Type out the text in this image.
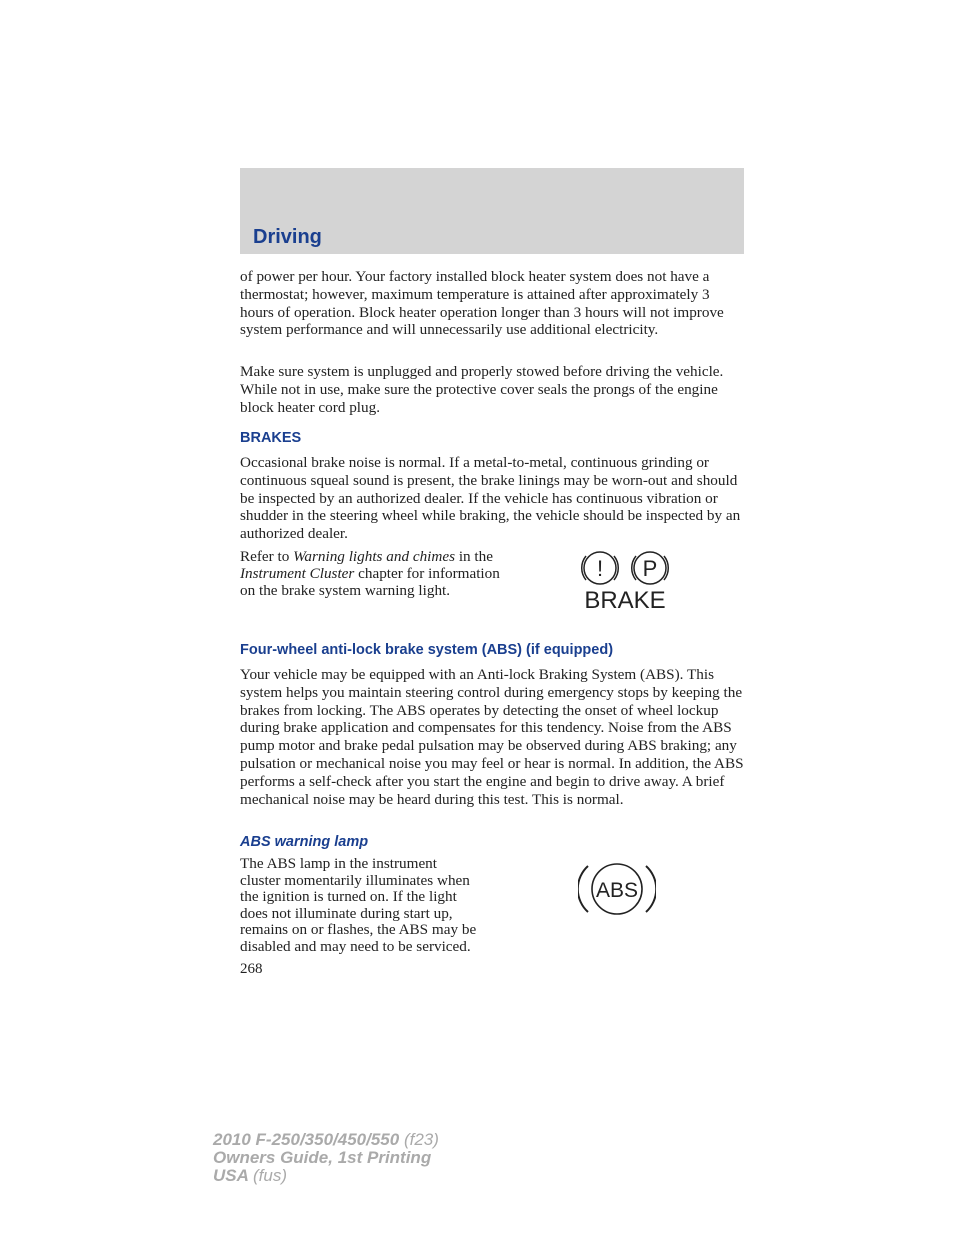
Driving

of power per hour. Your factory installed block heater system does not have a thermostat; however, maximum temperature is attained after approximately 3 hours of operation. Block heater operation longer than 3 hours will not improve system performance and will unnecessarily use additional electricity.

Make sure system is unplugged and properly stowed before driving the vehicle. While not in use, make sure the protective cover seals the prongs of the engine block heater cord plug.

BRAKES

Occasional brake noise is normal. If a metal-to-metal, continuous grinding or continuous squeal sound is present, the brake linings may be worn-out and should be inspected by an authorized dealer. If the vehicle has continuous vibration or shudder in the steering wheel while braking, the vehicle should be inspected by an authorized dealer.

Refer to Warning lights and chimes in the Instrument Cluster chapter for information on the brake system warning light.
! P
BRAKE
Four-wheel anti-lock brake system (ABS) (if equipped)

Your vehicle may be equipped with an Anti-lock Braking System (ABS). This system helps you maintain steering control during emergency stops by keeping the brakes from locking. The ABS operates by detecting the onset of wheel lockup during brake application and compensates for this tendency. Noise from the ABS pump motor and brake pedal pulsation may be observed during ABS braking; any pulsation or mechanical noise you may feel or hear is normal. In addition, the ABS performs a self-check after you start the engine and begin to drive away. A brief mechanical noise may be heard during this test. This is normal.

ABS warning lamp

The ABS lamp in the instrument cluster momentarily illuminates when the ignition is turned on. If the light does not illuminate during start up, remains on or flashes, the ABS may be disabled and may need to be serviced.

ABS
268
2010 F-250/350/450/550 (f23)
Owners Guide, 1st Printing
USA (fus)
